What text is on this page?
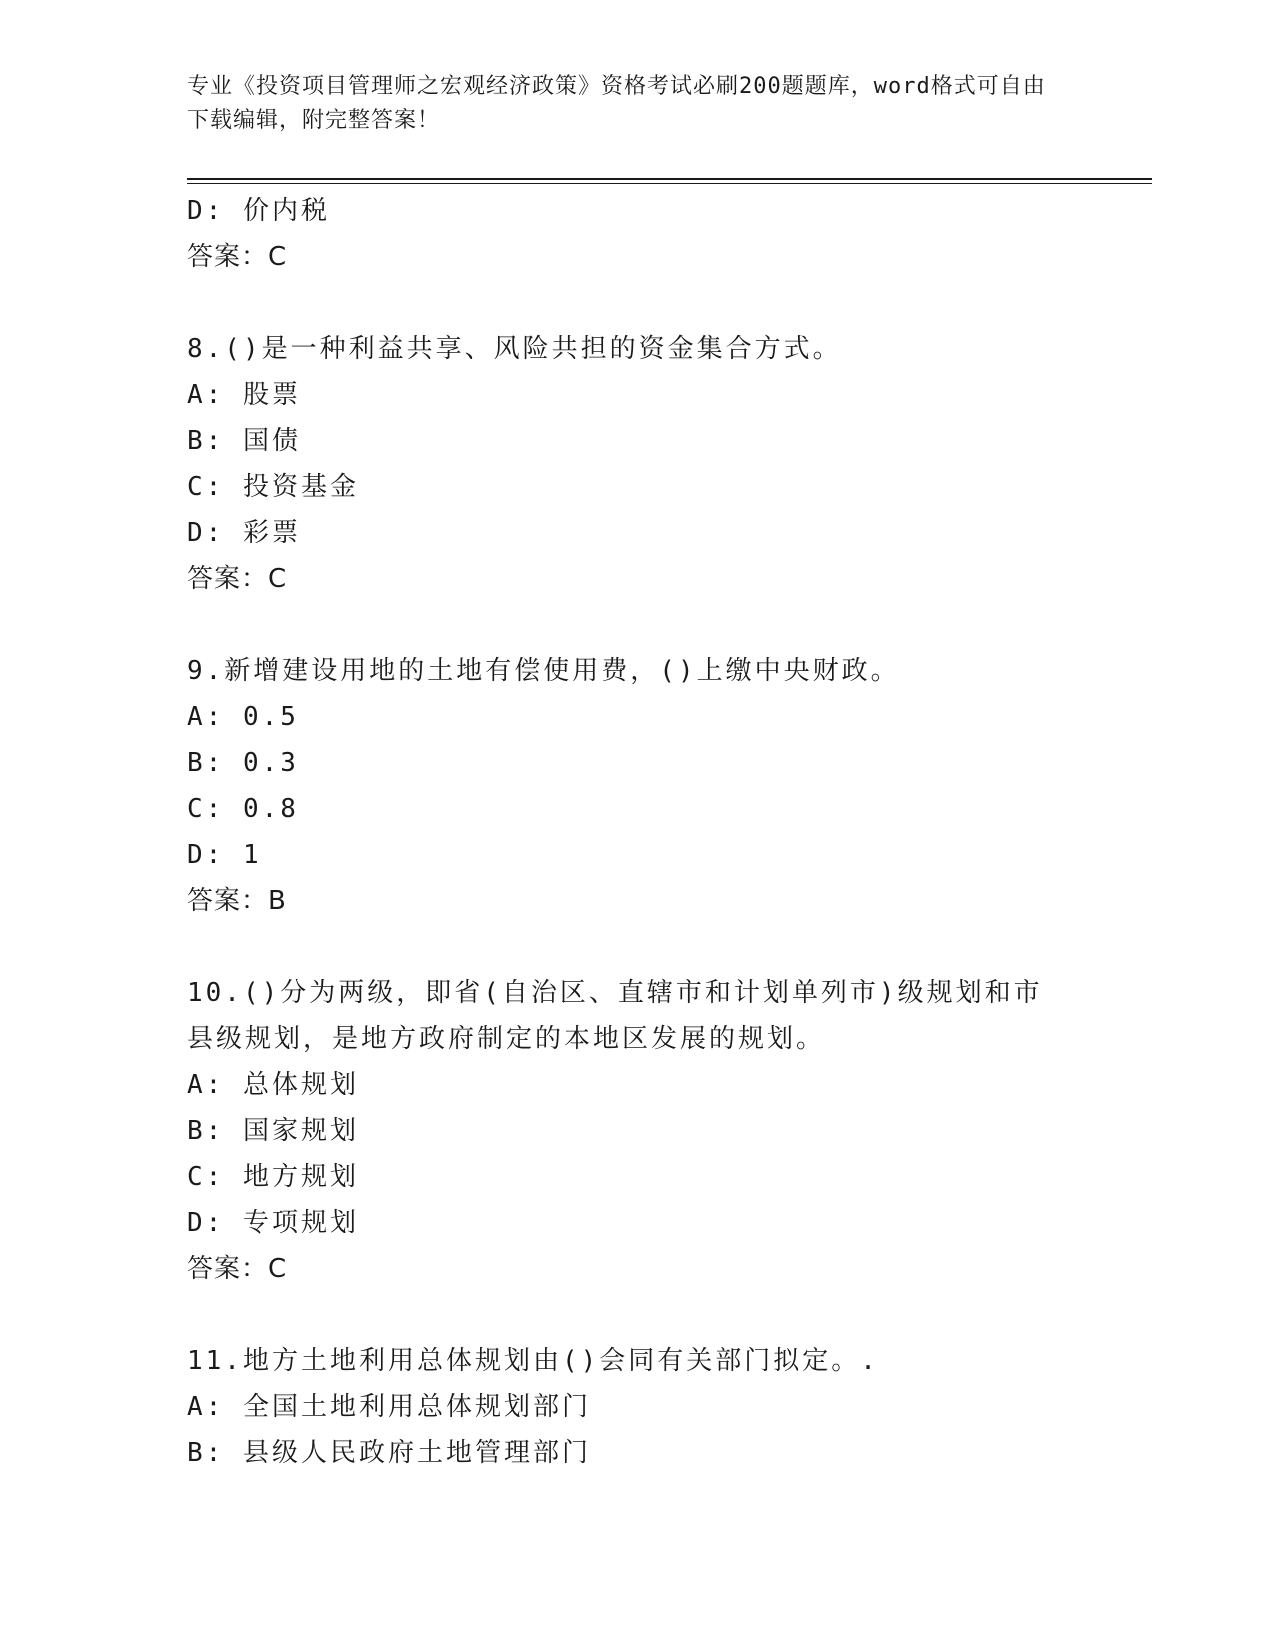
专业《投资项目管理师之宏观经济政策》资格考试必刷200题题库，word格式可自由下载编辑，附完整答案！
D: 价内税
答案：C
8.()是一种利益共享、风险共担的资金集合方式。
A: 股票
B: 国债
C: 投资基金
D: 彩票
答案：C
9.新增建设用地的土地有偿使用费，()上缴中央财政。
A: 0.5
B: 0.3
C: 0.8
D: 1
答案：B
10.()分为两级，即省(自治区、直辖市和计划单列市)级规划和市县级规划，是地方政府制定的本地区发展的规划。
A: 总体规划
B: 国家规划
C: 地方规划
D: 专项规划
答案：C
11.地方土地利用总体规划由()会同有关部门拟定。.
A: 全国土地利用总体规划部门
B: 县级人民政府土地管理部门
